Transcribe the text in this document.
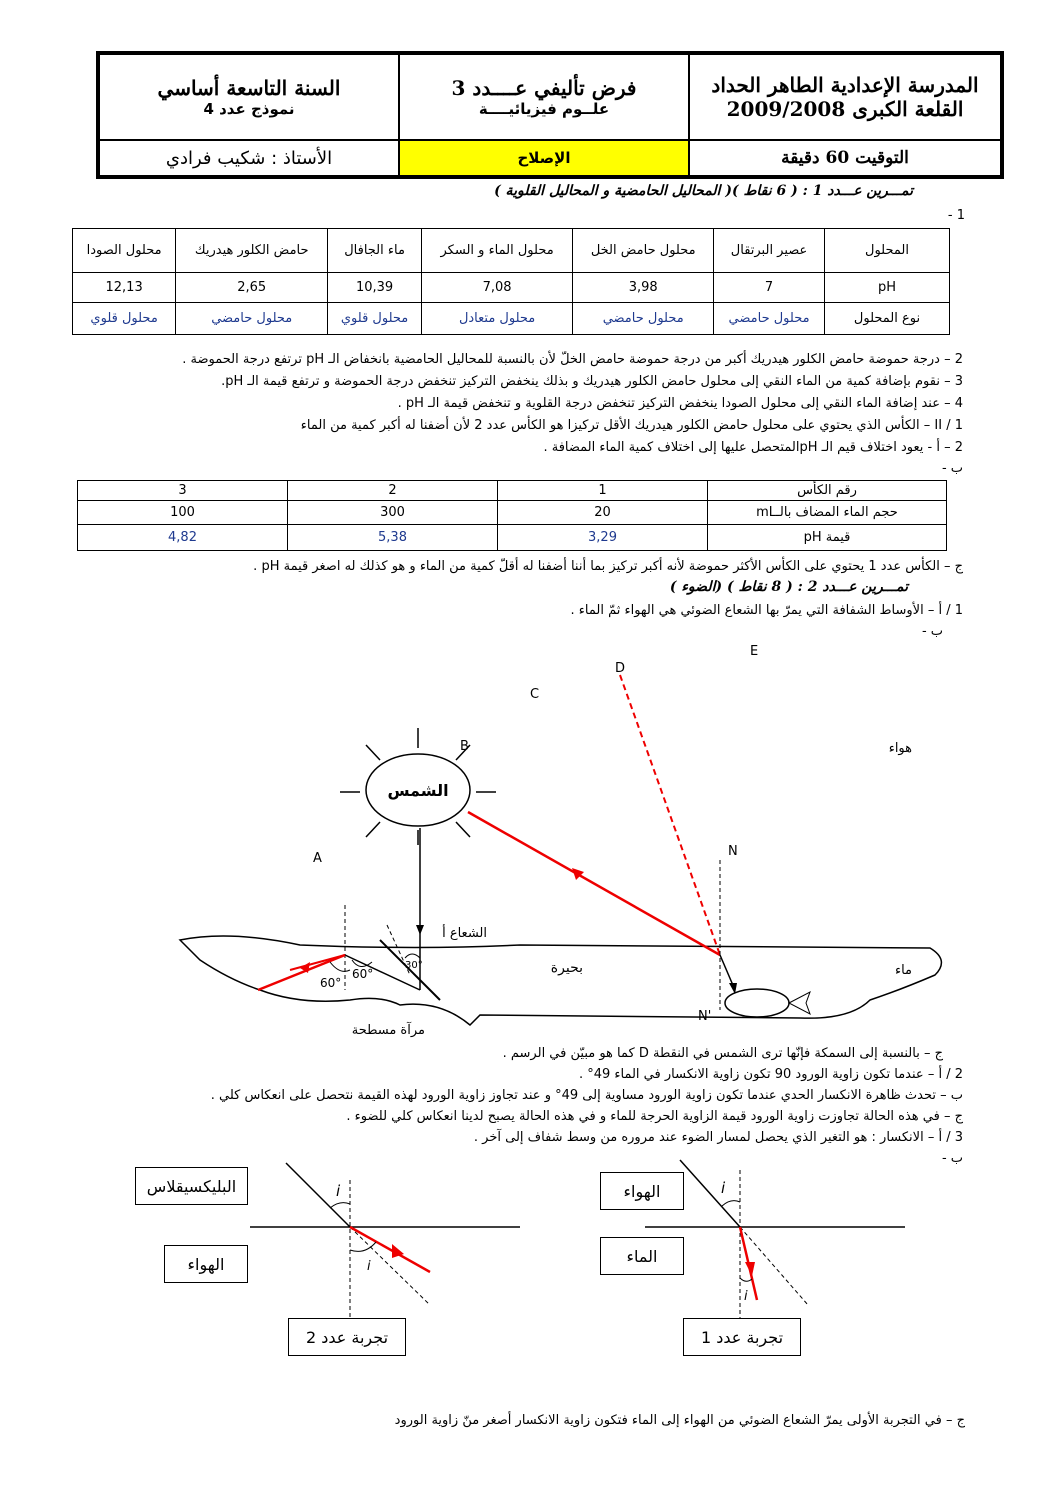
السنة التاسعة أساسي
نموذج عدد 4
فرض تأليفي عــــدد 3
علــوم فيزيائيــــة
المدرسة الإعدادية الطاهر الحداد
القلعة الكبرى 2009/2008
الأستاذ : شكيب فرادي	الإصلاح	التوقيت 60 دقيقة
تمـــرين عـــدد 1 : ( 6 نقاط )( المحاليل الحامضية و المحاليل القلوية )
1 -
المحلول	عصير البرتقال	محلول حامض الخل	محلول الماء و السكر	ماء الجافال	حامض الكلور هيدريك	محلول الصودا
pH	7	3,98	7,08	10,39	2,65	12,13
نوع المحلول	محلول حامضي	محلول حامضي	محلول متعادل	محلول قلوي	محلول حامضي	محلول قلوي
2 – درجة حموضة حامض الكلور هيدريك أكبر من درجة حموضة حامض الخلّ لأن بالنسبة للمحاليل الحامضية بانخفاض الـ pH ترتفع درجة الحموضة .
3 – نقوم بإضافة كمية من الماء النقي إلى محلول حامض الكلور هيدريك و بذلك ينخفض التركيز تنخفض درجة الحموضة و ترتفع قيمة الـ pH.
4 – عند إضافة الماء النقي إلى محلول الصودا ينخفض التركيز تنخفض درجة القلوية و تنخفض قيمة الـ pH .
II / 1 – الكأس الذي يحتوي على محلول حامض الكلور هيدريك الأقل تركيزا هو الكأس عدد 2 لأن أضفنا له أكبر كمية من الماء
2 – أ - يعود اختلاف قيم الـ pHالمتحصل عليها إلى اختلاف كمية الماء المضافة .
ب -
رقم الكأس	1	2	3
حجم الماء المضاف بالـmL	20	300	100
قيمة pH	3,29	5,38	4,82
ج – الكأس عدد 1 يحتوي على الكأس الأكثر حموضة لأنه أكبر تركيز بما أننا أضفنا له أقلّ كمية من الماء و هو كذلك له اصغر قيمة pH .
تمـــرين عـــدد 2 : ( 8 نقاط ) (الضوء )
1 / أ – الأوساط الشفافة التي يمرّ بها الشعاع الضوئي هي الهواء ثمّ الماء .
ب -
الشمس
60°
60°
30°
D
E
C
B
A	N
N'
هواء
ماء
بحيرة
مرآة مسطحة
الشعاع أ
ج – بالنسبة إلى السمكة فإنّها ترى الشمس في النقطة D كما هو مبيّن في الرسم .
2 / أ – عندما تكون زاوية الورود 90 تكون زاوية الانكسار في الماء 49° .
ب – تحدث ظاهرة الانكسار الحدي عندما تكون زاوية الورود مساوية إلى 49° و عند تجاوز زاوية الورود لهذه القيمة نتحصل على انعكاس كلي .
ج – في هذه الحالة تجاوزت زاوية الورود قيمة الزاوية الحرجة للماء و في هذه الحالة يصبح لدينا انعكاس كلي للضوء .
3 / أ – الانكسار : هو التغير الذي يحصل لمسار الضوء عند مروره من وسط شفاف إلى آخر .
ب -
i
i
i
i
البليكسيقلاس
الهواء
تجربة عدد 2
الهواء
الماء
تجربة عدد 1
ج – في التجربة الأولى يمرّ الشعاع الضوئي من الهواء إلى الماء فتكون زاوية الانكسار أصغر منّ زاوية الورود
